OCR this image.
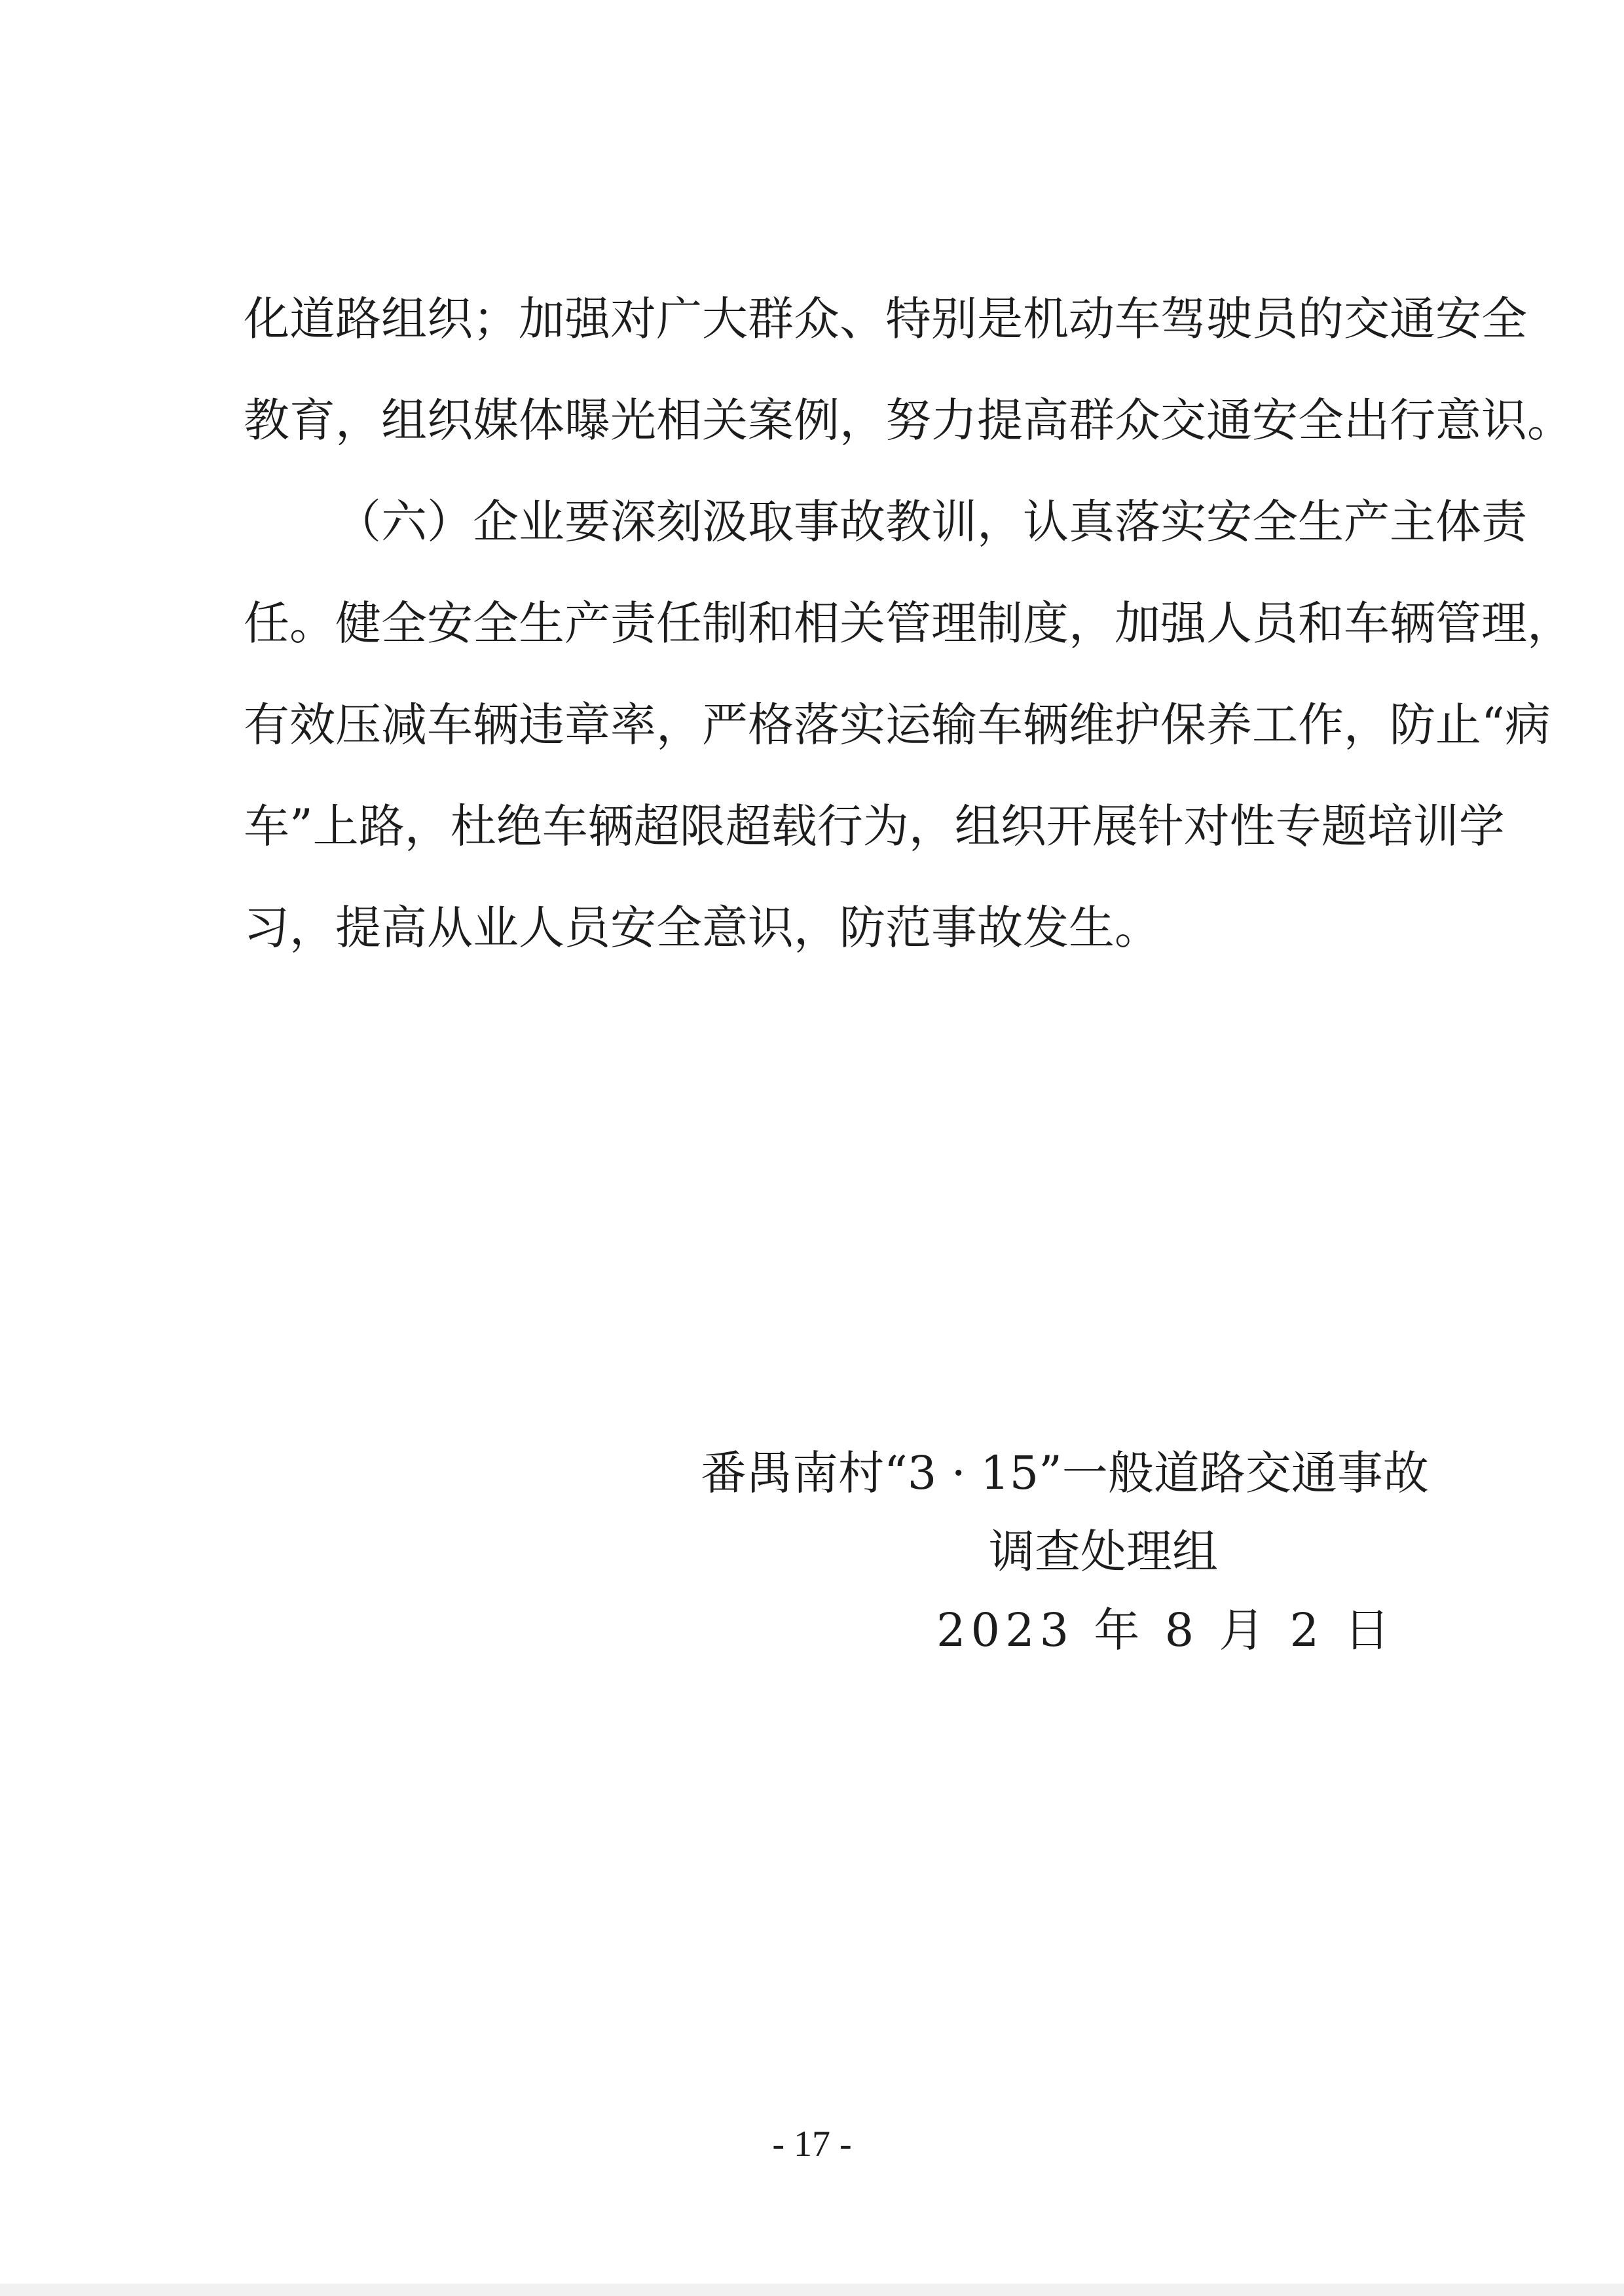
化道路组织；加强对广大群众、特别是机动车驾驶员的交通安全
教育，组织媒体曝光相关案例，努力提高群众交通安全出行意识。
（六）企业要深刻汲取事故教训，认真落实安全生产主体责
任。健全安全生产责任制和相关管理制度，加强人员和车辆管理，
有效压减车辆违章率，严格落实运输车辆维护保养工作，防止“病
车”上路，杜绝车辆超限超载行为，组织开展针对性专题培训学
习，提高从业人员安全意识，防范事故发生。
番禺南村“3 · 15”一般道路交通事故
调查处理组
2023 年 8 月 2 日
- 17 -
